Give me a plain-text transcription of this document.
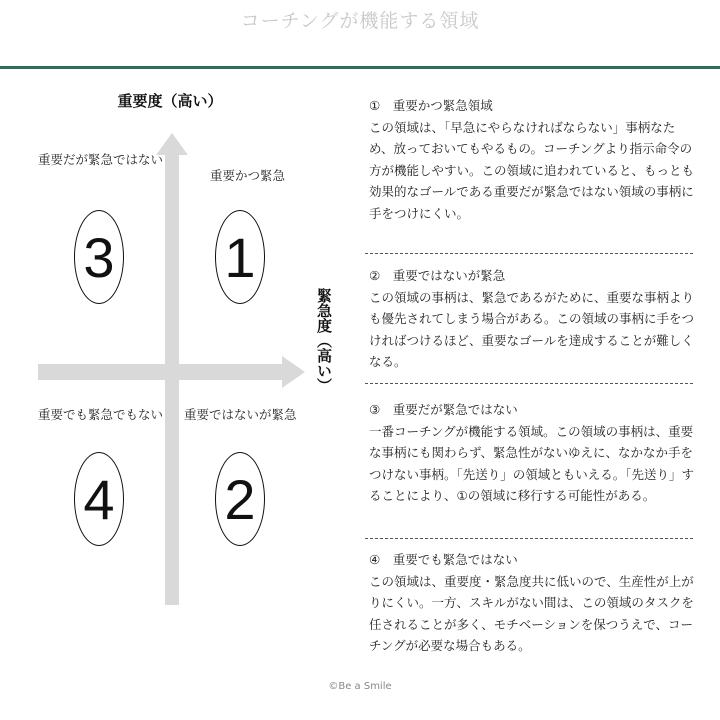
コーチングが機能する領域
重要度（高い）
緊急度（高い）
重要だが緊急ではない
重要かつ緊急
重要でも緊急でもない 重要ではないが緊急
3 1
4 2
①　重要かつ緊急領域
この領域は、「早急にやらなければならない」事柄なため、放っておいてもやるもの。コーチングより指示命令の方が機能しやすい。この領域に追われていると、もっとも効果的なゴールである重要だが緊急ではない領域の事柄に手をつけにくい。
②　重要ではないが緊急
この領域の事柄は、緊急であるがために、重要な事柄よりも優先されてしまう場合がある。この領域の事柄に手をつければつけるほど、重要なゴールを達成することが難しくなる。
③　重要だが緊急ではない
一番コーチングが機能する領域。この領域の事柄は、重要な事柄にも関わらず、緊急性がないゆえに、なかなか手をつけない事柄。「先送り」の領域ともいえる。「先送り」することにより、①の領域に移行する可能性がある。
④　重要でも緊急ではない
この領域は、重要度・緊急度共に低いので、生産性が上がりにくい。一方、スキルがない間は、この領域のタスクを任されることが多く、モチベーションを保つうえで、コーチングが必要な場合もある。
©Be a Smile
